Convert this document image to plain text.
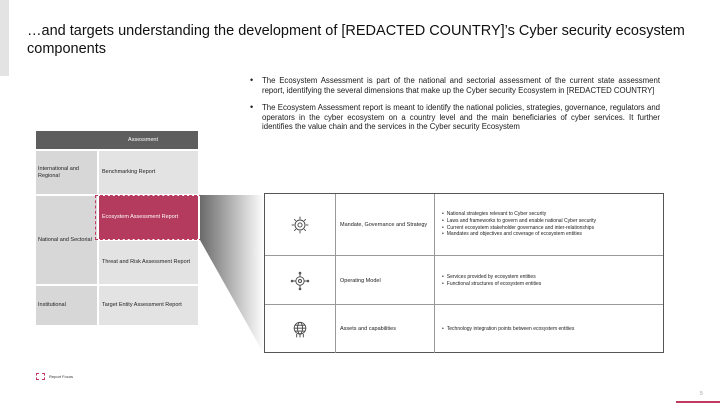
…and targets understanding the development of [REDACTED COUNTRY]’s Cyber security ecosystem components
• The Ecosystem Assessment is part of the national and sectorial assessment of the current state assessment report, identifying the several dimensions that make up the Cyber security Ecosystem in [REDACTED COUNTRY]
• The Ecosystem Assessment report is meant to identify the national policies, strategies, governance, regulators and operators in the cyber ecosystem on a country level and the main beneficiaries of cyber services. It further identifies the value chain and the services in the Cyber security Ecosystem
Assessment
International and Regional
National and Sectorial
Institutional
Benchmarking Report
Ecosystem Assessment Report
Threat and Risk Assessment Report
Target Entity Assessment Report
Mandate, Governance and Strategy
• National strategies relevant to Cyber security
• Laws and frameworks to govern and enable national Cyber security
• Current ecosystem stakeholder governance and inter-relationships
• Mandates and objectives and coverage of ecosystem entities
Operating Model
• Services provided by ecosystem entities
• Functional structures of ecosystem entities
Assets and capabilities
•	Technology integration points between ecosystem entities
Report Focus
5
